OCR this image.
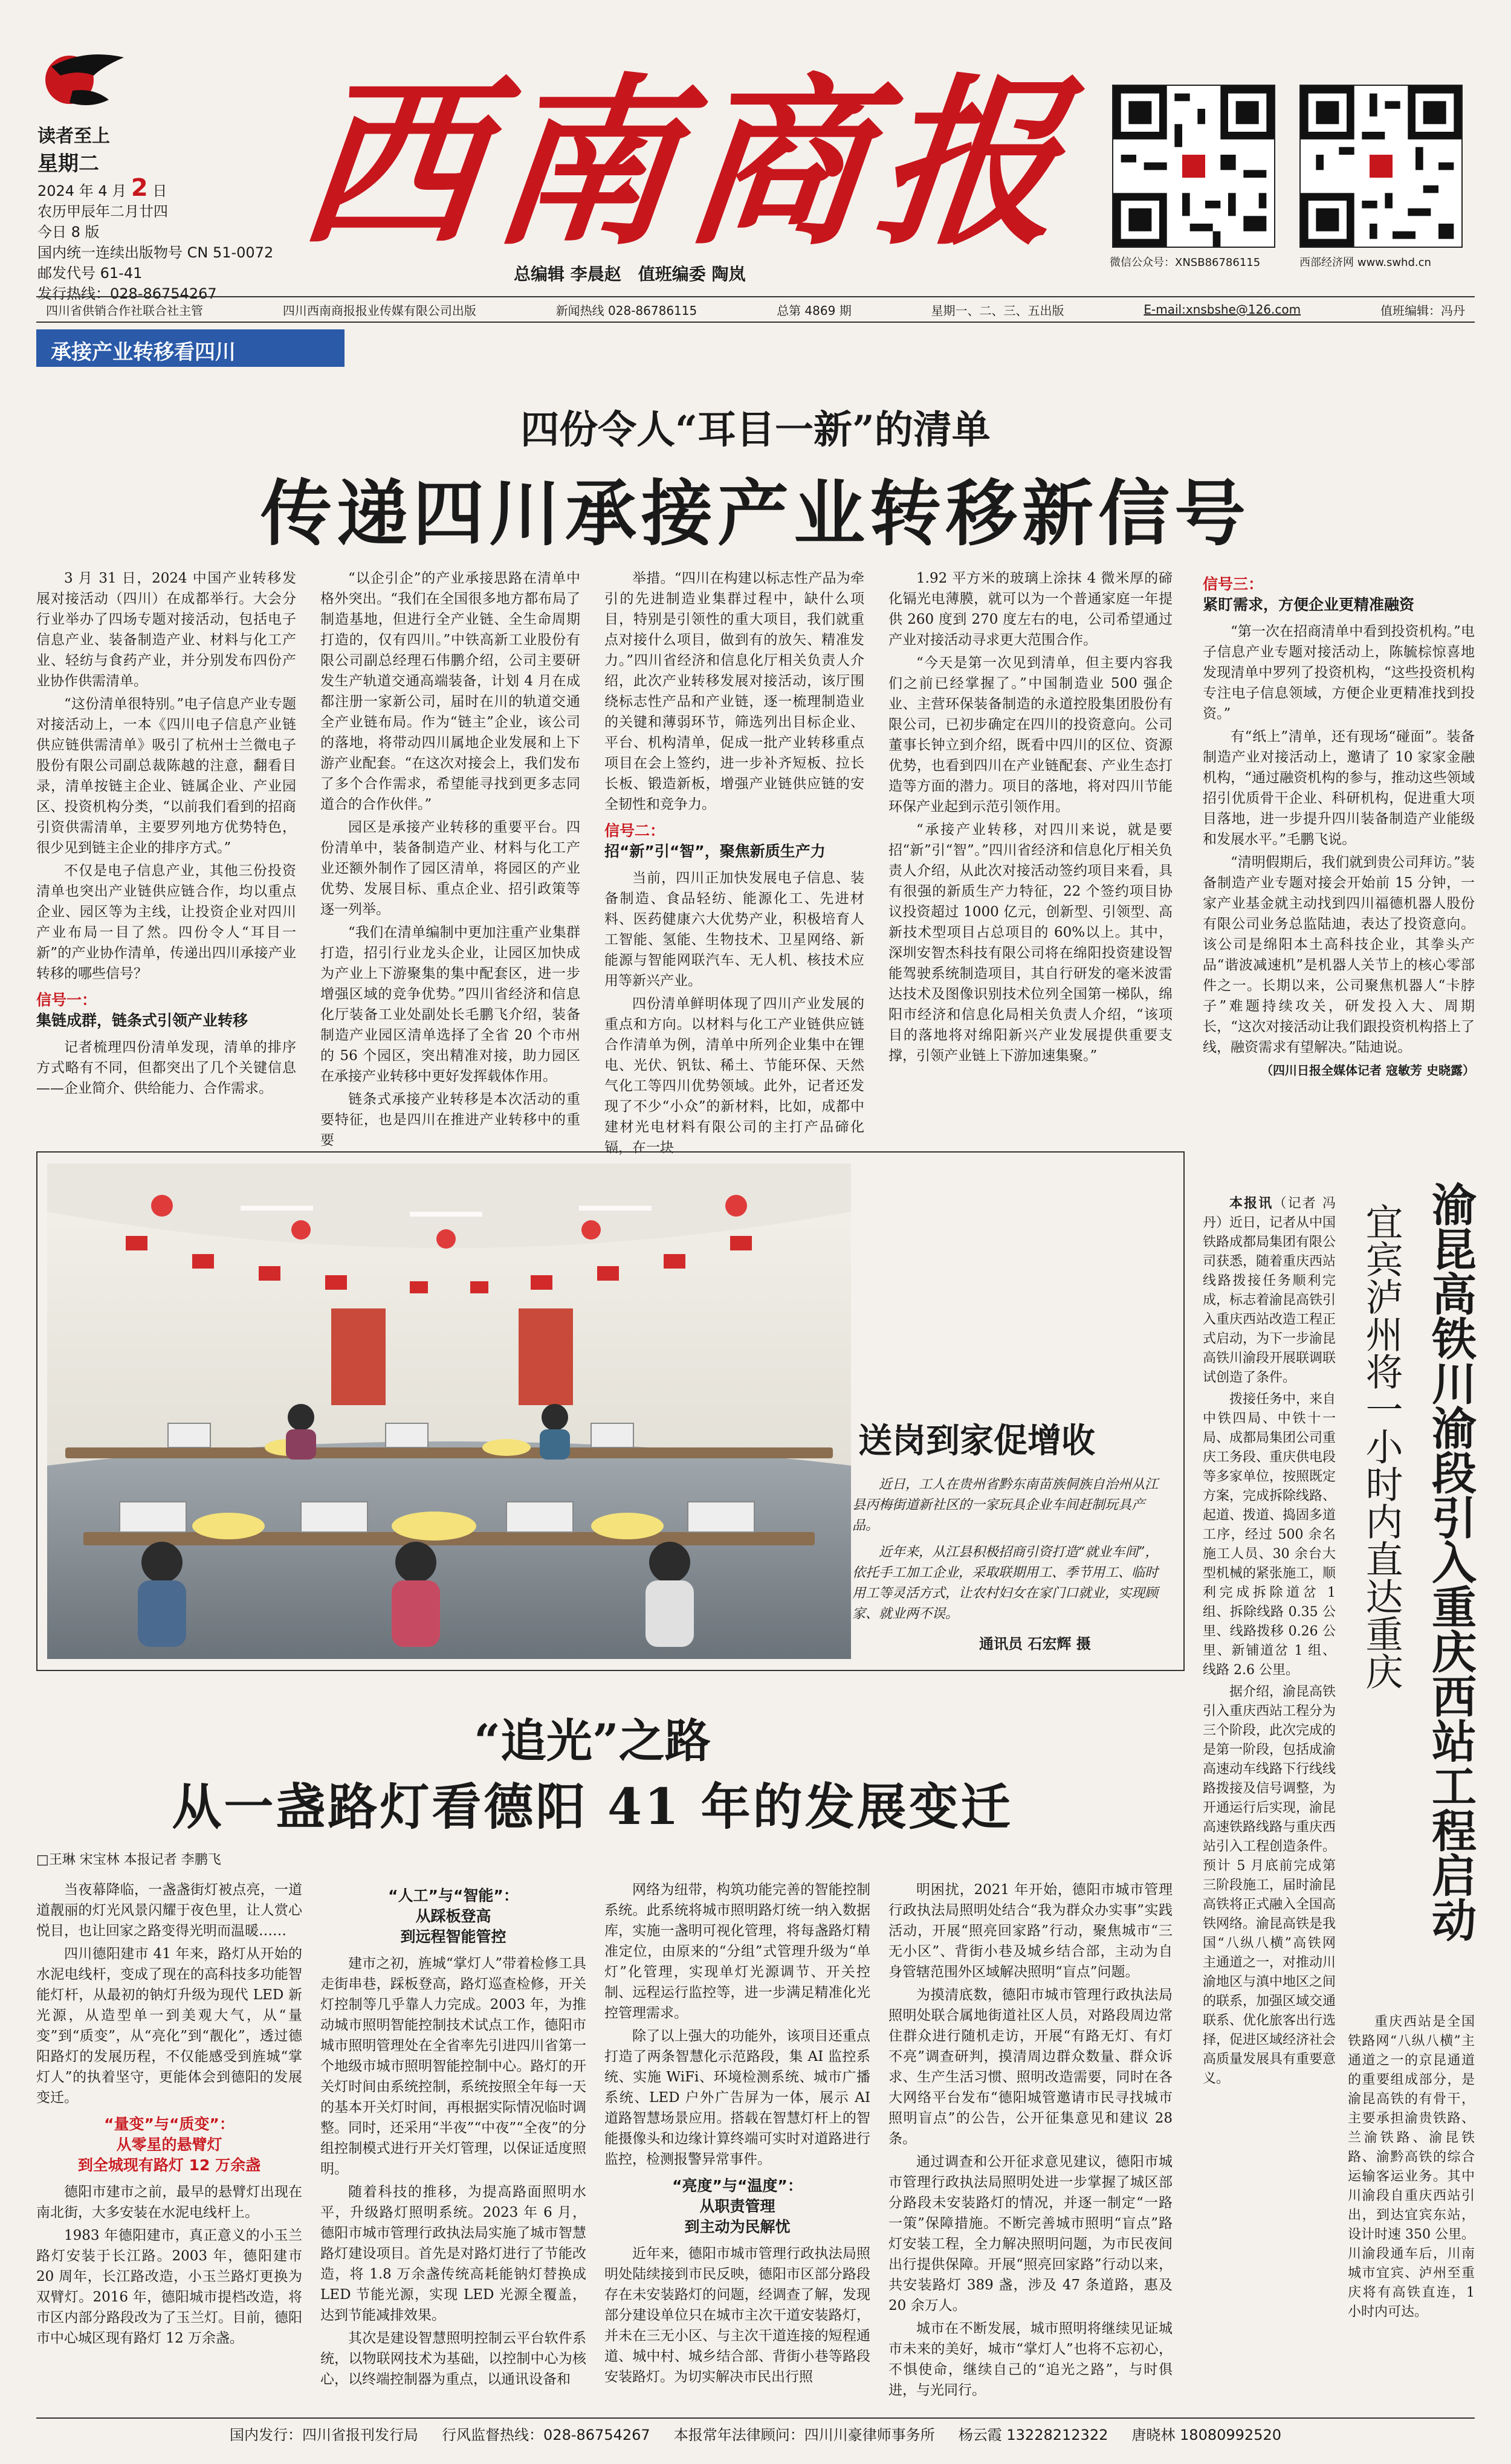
读者至上
星期二
2024 年 4 月 2 日
农历甲辰年二月廿四
今日 8 版
国内统一连续出版物号 CN 51-0072
邮发代号 61-41
发行热线：028-86754267
西南商报
总编辑 李晨赵　值班编委 陶岚
微信公众号：XNSB86786115	西部经济网 www.swhd.cn
四川省供销合作社联合社主管	四川西南商报报业传媒有限公司出版	新闻热线 028-86786115	总第 4869 期	星期一、二、三、五出版	E-mail:xnsbshe@126.com	值班编辑：冯丹
承接产业转移看四川
四份令人“耳目一新”的清单
传递四川承接产业转移新信号

3 月 31 日，2024 中国产业转移发展对接活动（四川）在成都举行。大会分行业举办了四场专题对接活动，包括电子信息产业、装备制造产业、材料与化工产业、轻纺与食药产业，并分别发布四份产业协作供需清单。

“这份清单很特别。”电子信息产业专题对接活动上，一本《四川电子信息产业链供应链供需清单》吸引了杭州士兰微电子股份有限公司副总裁陈越的注意，翻看目录，清单按链主企业、链属企业、产业园区、投资机构分类，“以前我们看到的招商引资供需清单，主要罗列地方优势特色，很少见到链主企业的排序方式。”

不仅是电子信息产业，其他三份投资清单也突出产业链供应链合作，均以重点企业、园区等为主线，让投资企业对四川产业布局一目了然。四份令人“耳目一新”的产业协作清单，传递出四川承接产业转移的哪些信号？

信号一：
集链成群，链条式引领产业转移

记者梳理四份清单发现，清单的排序方式略有不同，但都突出了几个关键信息——企业简介、供给能力、合作需求。

“以企引企”的产业承接思路在清单中格外突出。“我们在全国很多地方都布局了制造基地，但进行全产业链、全生命周期打造的，仅有四川。”中铁高新工业股份有限公司副总经理石伟鹏介绍，公司主要研发生产轨道交通高端装备，计划 4 月在成都注册一家新公司，届时在川的轨道交通全产业链布局。作为“链主”企业，该公司的落地，将带动四川属地企业发展和上下游产业配套。“在这次对接会上，我们发布了多个合作需求，希望能寻找到更多志同道合的合作伙伴。”

园区是承接产业转移的重要平台。四份清单中，装备制造产业、材料与化工产业还额外制作了园区清单，将园区的产业优势、发展目标、重点企业、招引政策等逐一列举。

“我们在清单编制中更加注重产业集群打造，招引行业龙头企业，让园区加快成为产业上下游聚集的集中配套区，进一步增强区域的竞争优势。”四川省经济和信息化厅装备工业处副处长毛鹏飞介绍，装备制造产业园区清单选择了全省 20 个市州的 56 个园区，突出精准对接，助力园区在承接产业转移中更好发挥载体作用。

链条式承接产业转移是本次活动的重要特征，也是四川在推进产业转移中的重要

举措。“四川在构建以标志性产品为牵引的先进制造业集群过程中，缺什么项目，特别是引领性的重大项目，我们就重点对接什么项目，做到有的放矢、精准发力。”四川省经济和信息化厅相关负责人介绍，此次产业转移发展对接活动，该厅围绕标志性产品和产业链，逐一梳理制造业的关键和薄弱环节，筛选列出目标企业、平台、机构清单，促成一批产业转移重点项目在会上签约，进一步补齐短板、拉长长板、锻造新板，增强产业链供应链的安全韧性和竞争力。

信号二：
招“新”引“智”，聚焦新质生产力

当前，四川正加快发展电子信息、装备制造、食品轻纺、能源化工、先进材料、医药健康六大优势产业，积极培育人工智能、氢能、生物技术、卫星网络、新能源与智能网联汽车、无人机、核技术应用等新兴产业。

四份清单鲜明体现了四川产业发展的重点和方向。以材料与化工产业链供应链合作清单为例，清单中所列企业集中在锂电、光伏、钒钛、稀土、节能环保、天然气化工等四川优势领域。此外，记者还发现了不少“小众”的新材料，比如，成都中建材光电材料有限公司的主打产品碲化镉，在一块

1.92 平方米的玻璃上涂抹 4 微米厚的碲化镉光电薄膜，就可以为一个普通家庭一年提供 260 度到 270 度左右的电，公司希望通过产业对接活动寻求更大范围合作。

“今天是第一次见到清单，但主要内容我们之前已经掌握了。”中国制造业 500 强企业、主营环保装备制造的永道控股集团股份有限公司，已初步确定在四川的投资意向。公司董事长钟立到介绍，既看中四川的区位、资源优势，也看到四川在产业链配套、产业生态打造等方面的潜力。项目的落地，将对四川节能环保产业起到示范引领作用。

“承接产业转移，对四川来说，就是要招“新”引“智”。”四川省经济和信息化厅相关负责人介绍，从此次对接活动签约项目来看，具有很强的新质生产力特征，22 个签约项目协议投资超过 1000 亿元，创新型、引领型、高新技术型项目占总项目的 60%以上。其中，深圳安智杰科技有限公司将在绵阳投资建设智能驾驶系统制造项目，其自行研发的毫米波雷达技术及图像识别技术位列全国第一梯队，绵阳市经济和信息化局相关负责人介绍，“该项目的落地将对绵阳新兴产业发展提供重要支撑，引领产业链上下游加速集聚。”

信号三：
紧盯需求，方便企业更精准融资

“第一次在招商清单中看到投资机构。”电子信息产业专题对接活动上，陈毓棕惊喜地发现清单中罗列了投资机构，“这些投资机构专注电子信息领域，方便企业更精准找到投资。”

有“纸上”清单，还有现场“碰面”。装备制造产业对接活动上，邀请了 10 家家金融机构，“通过融资机构的参与，推动这些领域招引优质骨干企业、科研机构，促进重大项目落地，进一步提升四川装备制造产业能级和发展水平。”毛鹏飞说。

“清明假期后，我们就到贵公司拜访。”装备制造产业专题对接会开始前 15 分钟，一家产业基金就主动找到四川福德机器人股份有限公司业务总监陆迪，表达了投资意向。该公司是绵阳本土高科技企业，其拳头产品“谐波减速机”是机器人关节上的核心零部件之一。长期以来，公司聚焦机器人“卡脖子”难题持续攻关，研发投入大、周期长，“这次对接活动让我们跟投资机构搭上了线，融资需求有望解决。”陆迪说。

（四川日报全媒体记者 寇敏芳 史晓露）
送岗到家促增收

近日，工人在贵州省黔东南苗族侗族自治州从江县丙梅街道新社区的一家玩具企业车间赶制玩具产品。

近年来，从江县积极招商引资打造“就业车间”，依托手工加工企业，采取联期用工、季节用工、临时用工等灵活方式，让农村妇女在家门口就业，实现顾家、就业两不误。

通讯员 石宏辉 摄	渝昆高铁川渝段引入重庆西站工程启动
宜宾泸州将一小时内直达重庆

本报讯（记者 冯丹）近日，记者从中国铁路成都局集团有限公司获悉，随着重庆西站线路拨接任务顺利完成，标志着渝昆高铁引入重庆西站改造工程正式启动，为下一步渝昆高铁川渝段开展联调联试创造了条件。

拨接任务中，来自中铁四局、中铁十一局、成都局集团公司重庆工务段、重庆供电段等多家单位，按照既定方案，完成拆除线路、起道、拨道、捣固多道工序，经过 500 余名施工人员、30 余台大型机械的紧张施工，顺利完成拆除道岔 1 组、拆除线路 0.35 公里、线路拨移 0.26 公里、新铺道岔 1 组、线路 2.6 公里。

据介绍，渝昆高铁引入重庆西站工程分为三个阶段，此次完成的是第一阶段，包括成渝高速动车线路下行线线路拨接及信号调整，为开通运行后实现，渝昆高速铁路线路与重庆西站引入工程创造条件。预计 5 月底前完成第三阶段施工，届时渝昆高铁将正式融入全国高铁网络。渝昆高铁是我国“八纵八横”高铁网主通道之一，对推动川渝地区与滇中地区之间的联系，加强区域交通联系、优化旅客出行选择，促进区域经济社会高质量发展具有重要意义。

重庆西站是全国铁路网“八纵八横”主通道之一的京昆通道的重要组成部分，是渝昆高铁的有骨干，主要承担渝贵铁路、兰渝铁路、渝昆铁路、渝黔高铁的综合运输客运业务。其中川渝段自重庆西站引出，到达宜宾东站，设计时速 350 公里。川渝段通车后，川南城市宜宾、泸州至重庆将有高铁直连，1 小时内可达。

“追光”之路
从一盏路灯看德阳 41 年的发展变迁
□王琳 宋宝林 本报记者 李鹏飞

当夜幕降临，一盏盏街灯被点亮，一道道靓丽的灯光风景闪耀于夜色里，让人赏心悦目，也让回家之路变得光明而温暖……

四川德阳建市 41 年来，路灯从开始的水泥电线杆，变成了现在的高科技多功能智能灯杆，从最初的钠灯升级为现代 LED 新光源，从造型单一到美观大气，从“量变”到“质变”，从“亮化”到“靓化”，透过德阳路灯的发展历程，不仅能感受到旌城“掌灯人”的执着坚守，更能体会到德阳的发展变迁。

“量变”与“质变”：
从零星的悬臂灯
到全城现有路灯 12 万余盏

德阳市建市之前，最早的悬臂灯出现在南北街，大多安装在水泥电线杆上。

1983 年德阳建市，真正意义的小玉兰路灯安装于长江路。2003 年，德阳建市 20 周年，长江路改造，小玉兰路灯更换为双臂灯。2016 年，德阳城市提档改造，将市区内部分路段改为了玉兰灯。目前，德阳市中心城区现有路灯 12 万余盏。

“人工”与“智能”：
从踩板登高
到远程智能管控

建市之初，旌城“掌灯人”带着检修工具走街串巷，踩板登高，路灯巡查检修，开关灯控制等几乎靠人力完成。2003 年，为推动城市照明智能控制技术试点工作，德阳市城市照明管理处在全省率先引进四川省第一个地级市城市照明智能控制中心。路灯的开关灯时间由系统控制，系统按照全年每一天的基本开关灯时间，再根据实际情况临时调整。同时，还采用“半夜”“中夜”“全夜”的分组控制模式进行开关灯管理，以保证适度照明。

随着科技的推移，为提高路面照明水平，升级路灯照明系统。2023 年 6 月，德阳市城市管理行政执法局实施了城市智慧路灯建设项目。首先是对路灯进行了节能改造，将 1.8 万余盏传统高耗能钠灯替换成 LED 节能光源，实现 LED 光源全覆盖，达到节能减排效果。

其次是建设智慧照明控制云平台软件系统，以物联网技术为基础，以控制中心为核心，以终端控制器为重点，以通讯设备和

网络为纽带，构筑功能完善的智能控制系统。此系统将城市照明路灯统一纳入数据库，实施一盏明可视化管理，将每盏路灯精准定位，由原来的“分组”式管理升级为“单灯”化管理，实现单灯光源调节、开关控制、远程运行监控等，进一步满足精准化光控管理需求。

除了以上强大的功能外，该项目还重点打造了两条智慧化示范路段，集 AI 监控系统、实施 WiFi、环境检测系统、城市广播系统、LED 户外广告屏为一体，展示 AI 道路智慧场景应用。搭载在智慧灯杆上的智能摄像头和边缘计算终端可实时对道路进行监控，检测报警异常事件。

“亮度”与“温度”：
从职责管理
到主动为民解忧

近年来，德阳市城市管理行政执法局照明处陆续接到市民反映，德阳市区部分路段存在未安装路灯的问题，经调查了解，发现部分建设单位只在城市主次干道安装路灯，并未在三无小区、与主次干道连接的短程通道、城中村、城乡结合部、背街小巷等路段安装路灯。为切实解决市民出行照

明困扰，2021 年开始，德阳市城市管理行政执法局照明处结合“我为群众办实事”实践活动，开展“照亮回家路”行动，聚焦城市“三无小区”、背街小巷及城乡结合部，主动为自身管辖范围外区域解决照明“盲点”问题。

为摸清底数，德阳市城市管理行政执法局照明处联合属地街道社区人员，对路段周边常住群众进行随机走访，开展“有路无灯、有灯不亮”调查研判，摸清周边群众数量、群众诉求、生产生活习惯、照明改造需要，同时在各大网络平台发布“德阳城管邀请市民寻找城市照明盲点”的公告，公开征集意见和建议 28 条。

通过调查和公开征求意见建议，德阳市城市管理行政执法局照明处进一步掌握了城区部分路段未安装路灯的情况，并逐一制定“一路一策”保障措施。不断完善城市照明“盲点”路灯安装工程，全力解决照明问题，为市民夜间出行提供保障。开展“照亮回家路”行动以来，共安装路灯 389 盏，涉及 47 条道路，惠及 20 余万人。

城市在不断发展，城市照明将继续见证城市未来的美好，城市“掌灯人”也将不忘初心，不惧使命，继续自己的“追光之路”，与时俱进，与光同行。

国内发行：四川省报刊发行局 行风监督热线：028-86754267 本报常年法律顾问：四川川豪律师事务所 杨云霞 13228212322 唐晓林 18080992520
